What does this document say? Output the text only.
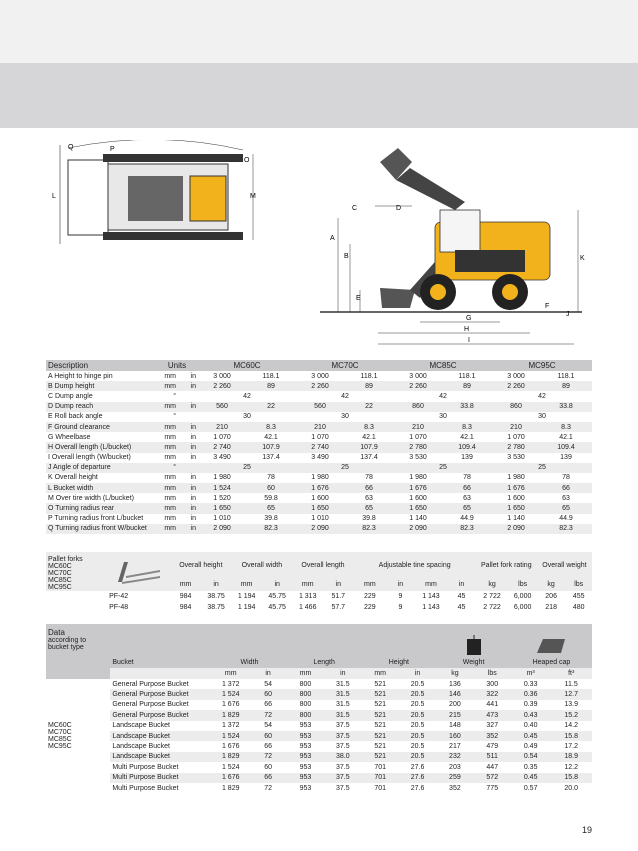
Q	P
O
M
L
C	D
A
B
E
F
G
H
I
J
K
Description	Units		MC60C		MC70C		MC85C		MC95C	
A Height to hinge pin	mm	in	3 000	118.1	3 000	118.1	3 000	118.1	3 000	118.1
B Dump height	mm	in	2 260	89	2 260	89	2 260	89	2 260	89
C Dump angle	°		42		42		42		42	
D Dump reach	mm	in	560	22	560	22	860	33.8	860	33.8
E Roll back angle	°		30		30		30		30	
F Ground clearance	mm	in	210	8.3	210	8.3	210	8.3	210	8.3
G Wheelbase	mm	in	1 070	42.1	1 070	42.1	1 070	42.1	1 070	42.1
H Overall length (L/bucket)	mm	in	2 740	107.9	2 740	107.9	2 780	109.4	2 780	109.4
I Overall length (W/bucket)	mm	in	3 490	137.4	3 490	137.4	3 530	139	3 530	139
J Angle of departure	°		25		25		25		25	
K Overall height	mm	in	1 980	78	1 980	78	1 980	78	1 980	78
L Bucket width	mm	in	1 524	60	1 676	66	1 676	66	1 676	66
M Over tire width (L/bucket)	mm	in	1 520	59.8	1 600	63	1 600	63	1 600	63
O Turning radius rear	mm	in	1 650	65	1 650	65	1 650	65	1 650	65
P Turning radius front L/bucket	mm	in	1 010	39.8	1 010	39.8	1 140	44.9	1 140	44.9
Q Turning radius front W/bucket	mm	in	2 090	82.3	2 090	82.3	2 090	82.3	2 090	82.3
Pallet forks
MC60C
MC70C
MC85C
MC95C		Overall height		Overall width		Overall length		Adjustable tine spacing				Pallet fork rating		Overall weight	
		mm	in	mm	in	mm	in	mm	in	mm	in	kg	lbs	kg	lbs
	PF-42	984	38.75	1 194	45.75	1 313	51.7	229	9	1 143	45	2 722	6,000	206	455
	PF-48	984	38.75	1 194	45.75	1 466	57.7	229	9	1 143	45	2 722	6,000	218	480
Data
according to
bucket type	Bucket	Width		Length		Height		Weight		Heaped cap	
		mm	in	mm	in	mm	in	kg	lbs	m³	ft³

MC60C
MC70C
MC85C
MC95C	General Purpose Bucket	1 372	54	800	31.5	521	20.5	136	300	0.33	11.5
	General Purpose Bucket	1 524	60	800	31.5	521	20.5	146	322	0.36	12.7
	General Purpose Bucket	1 676	66	800	31.5	521	20.5	200	441	0.39	13.9
	General Purpose Bucket	1 829	72	800	31.5	521	20.5	215	473	0.43	15.2
	Landscape Bucket	1 372	54	953	37.5	521	20.5	148	327	0.40	14.2
	Landscape Bucket	1 524	60	953	37.5	521	20.5	160	352	0.45	15.8
	Landscape Bucket	1 676	66	953	37.5	521	20.5	217	479	0.49	17.2
	Landscape Bucket	1 829	72	953	38.0	521	20.5	232	511	0.54	18.9
	Multi Purpose Bucket	1 524	60	953	37.5	701	27.6	203	447	0.35	12.2
	Multi Purpose Bucket	1 676	66	953	37.5	701	27.6	259	572	0.45	15.8
	Multi Purpose Bucket	1 829	72	953	37.5	701	27.6	352	775	0.57	20.0
19
